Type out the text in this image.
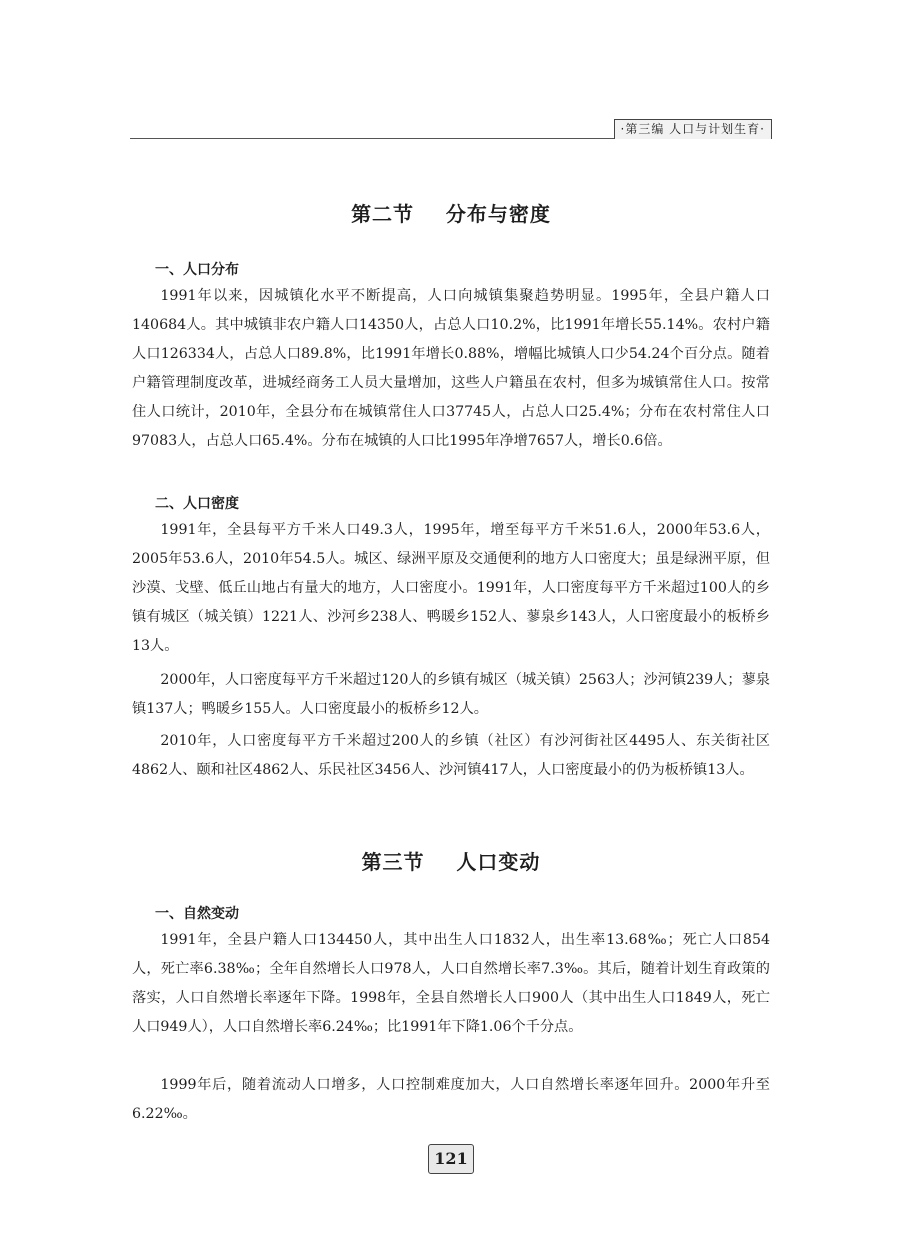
·第三编 人口与计划生育·
第二节    分布与密度
一、人口分布

1991年以来，因城镇化水平不断提高，人口向城镇集聚趋势明显。1995年，全县户籍人口140684人。其中城镇非农户籍人口14350人，占总人口10.2%，比1991年增长55.14%。农村户籍人口126334人，占总人口89.8%，比1991年增长0.88%，增幅比城镇人口少54.24个百分点。随着户籍管理制度改革，进城经商务工人员大量增加，这些人户籍虽在农村，但多为城镇常住人口。按常住人口统计，2010年，全县分布在城镇常住人口37745人，占总人口25.4%；分布在农村常住人口97083人，占总人口65.4%。分布在城镇的人口比1995年净增7657人，增长0.6倍。

二、人口密度

1991年，全县每平方千米人口49.3人，1995年，增至每平方千米51.6人，2000年53.6人，2005年53.6人，2010年54.5人。城区、绿洲平原及交通便利的地方人口密度大；虽是绿洲平原，但沙漠、戈壁、低丘山地占有量大的地方，人口密度小。1991年，人口密度每平方千米超过100人的乡镇有城区（城关镇）1221人、沙河乡238人、鸭暖乡152人、蓼泉乡143人，人口密度最小的板桥乡13人。

2000年，人口密度每平方千米超过120人的乡镇有城区（城关镇）2563人；沙河镇239人；蓼泉镇137人；鸭暖乡155人。人口密度最小的板桥乡12人。

2010年，人口密度每平方千米超过200人的乡镇（社区）有沙河街社区4495人、东关街社区4862人、颐和社区4862人、乐民社区3456人、沙河镇417人，人口密度最小的仍为板桥镇13人。

第三节    人口变动
一、自然变动

1991年，全县户籍人口134450人，其中出生人口1832人，出生率13.68‰；死亡人口854人，死亡率6.38‰；全年自然增长人口978人，人口自然增长率7.3‰。其后，随着计划生育政策的落实，人口自然增长率逐年下降。1998年，全县自然增长人口900人（其中出生人口1849人，死亡人口949人），人口自然增长率6.24‰；比1991年下降1.06个千分点。

1999年后，随着流动人口增多，人口控制难度加大，人口自然增长率逐年回升。2000年升至6.22‰。

121
